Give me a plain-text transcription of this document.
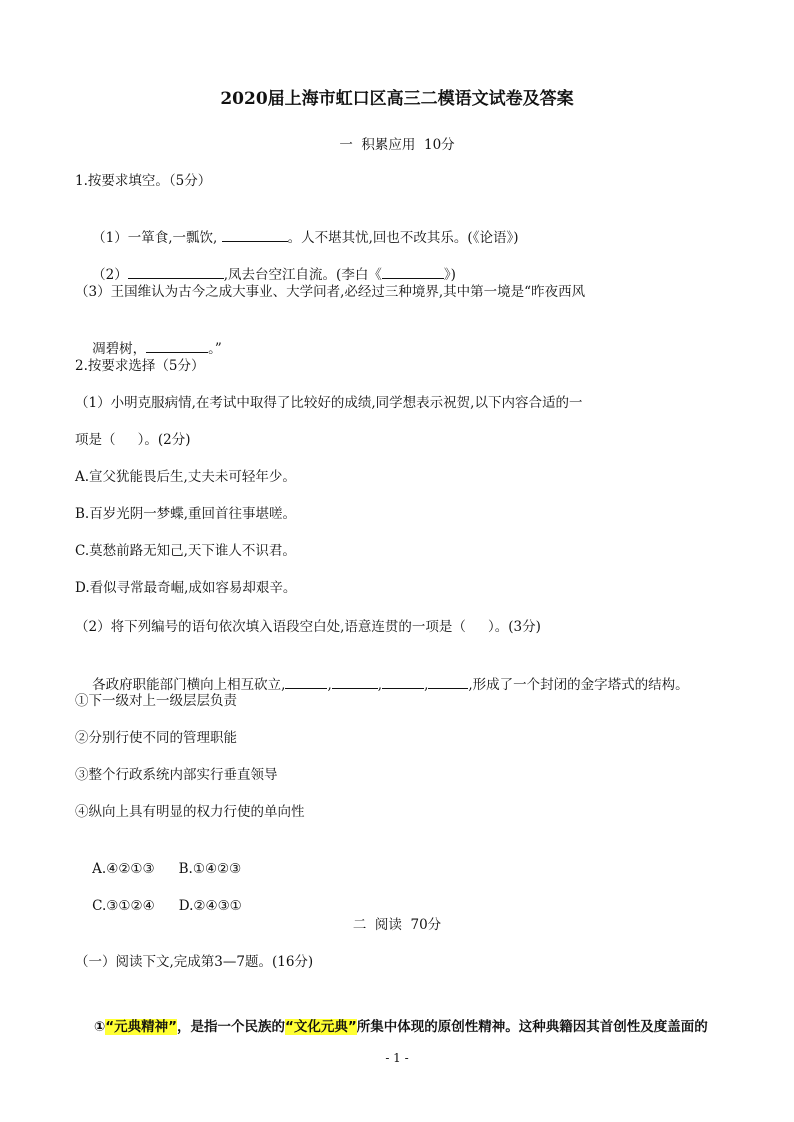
2020届上海市虹口区高三二模语文试卷及答案
一  积累应用  10分
1.按要求填空。（5分）

（1）一箪食,一瓢饮,	。人不堪其忧,回也不改其乐。(《论语》)

（2）	,凤去台空江自流。(李白《	》)

（3）王国维认为古今之成大事业、大学问者,必经过三种境界,其中第一境是“昨夜西风

凋碧树，	。”

2.按要求选择（5分）
（1）小明克服病情,在考试中取得了比较好的成绩,同学想表示祝贺,以下内容合适的一
项是（　  ）。(2分)
A.宣父犹能畏后生,丈夫未可轻年少。
B.百岁光阴一梦蝶,重回首往事堪嗟。
C.莫愁前路无知己,天下谁人不识君。
D.看似寻常最奇崛,成如容易却艰辛。
（2）将下列编号的语句依次填入语段空白处,语意连贯的一项是（　  ）。(3分)

各政府职能部门横向上相互砍立,	,	,	,	,形成了一个封闭的金字塔式的结构。

①下一级对上一级层层负责
②分别行使不同的管理职能
③整个行政系统内部实行垂直领导
④纵向上具有明显的权力行使的单向性

A.④②①③ B.①④②③

C.③①②④ D.②④③①

二  阅读  70分
（一）阅读下文,完成第3—7题。(16分)

①“元典精神”，是指一个民族的“文化元典”所集中体现的原创性精神。这种典籍因其首创性及度盖面的

- 1 -
